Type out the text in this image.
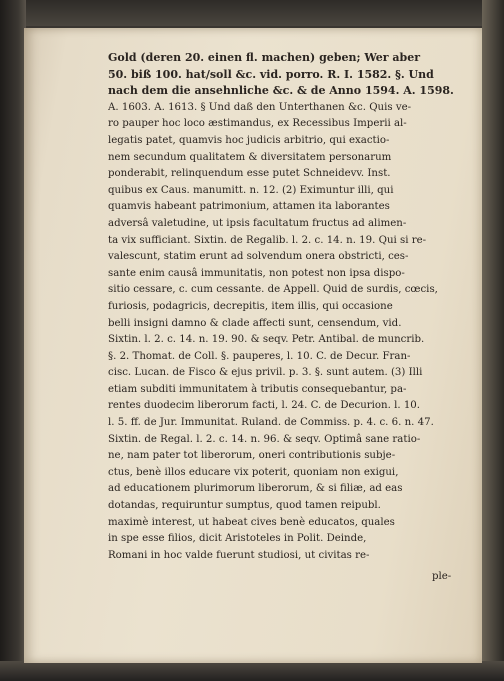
Gold (deren 20. einen fl. machen) geben; Wer aber
50. biß 100. hat/soll &c. vid. porro. R. I. 1582. §. Und
nach dem die ansehnliche &c. & de Anno 1594. A. 1598.
A. 1603. A. 1613. § Und daß den Unterthanen &c. Quis ve-
ro pauper hoc loco æstimandus, ex Recessibus Imperii al-
legatis patet, quamvis hoc judicis arbitrio, qui exactio-
nem secundum qualitatem & diversitatem personarum
ponderabit, relinquendum esse putet Schneidevv. Inst.
quibus ex Caus. manumitt. n. 12. (2) Eximuntur illi, qui
quamvis habeant patrimonium, attamen ita laborantes
adversâ valetudine, ut ipsis facultatum fructus ad alimen-
ta vix sufficiant. Sixtin. de Regalib. l. 2. c. 14. n. 19. Qui si re-
valescunt, statim erunt ad solvendum onera obstricti, ces-
sante enim causâ immunitatis, non potest non ipsa dispo-
sitio cessare, c. cum cessante. de Appell. Quid de surdis, cœcis,
furiosis, podagricis, decrepitis, item illis, qui occasione
belli insigni damno & clade affecti sunt, censendum, vid.
Sixtin. l. 2. c. 14. n. 19. 90. & seqv. Petr. Antibal. de muncrib.
§. 2. Thomat. de Coll. §. pauperes, l. 10. C. de Decur. Fran-
cisc. Lucan. de Fisco & ejus privil. p. 3. §. sunt autem. (3) Illi
etiam subditi immunitatem à tributis consequebantur, pa-
rentes duodecim liberorum facti, l. 24. C. de Decurion. l. 10.
l. 5. ff. de Jur. Immunitat. Ruland. de Commiss. p. 4. c. 6. n. 47.
Sixtin. de Regal. l. 2. c. 14. n. 96. & seqv. Optimâ sane ratio-
ne, nam pater tot liberorum, oneri contributionis subje-
ctus, benè illos educare vix poterit, quoniam non exigui,
ad educationem plurimorum liberorum, & si filiæ, ad eas
dotandas, requiruntur sumptus, quod tamen reipubl.
maximè interest, ut habeat cives benè educatos, quales
in spe esse filios, dicit Aristoteles in Polit. Deinde,
Romani in hoc valde fuerunt studiosi, ut civitas re-
ple-
